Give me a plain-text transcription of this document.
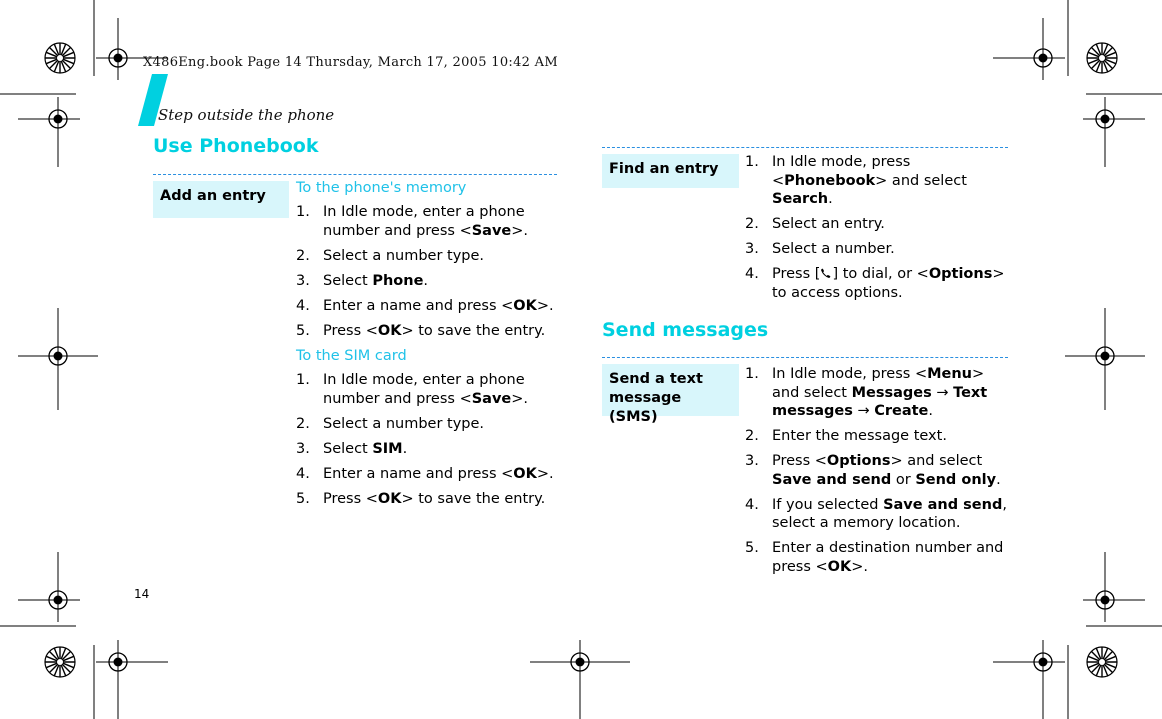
X486Eng.book Page 14 Thursday, March 17, 2005 10:42 AM
Step outside the phone
Use Phonebook
Add an entry	To the phone's memory
1. In Idle mode, enter a phone number and press <Save>.
2. Select a number type.
3. Select Phone.
4. Enter a name and press <OK>.
5. Press <OK> to save the entry.
To the SIM card
1. In Idle mode, enter a phone number and press <Save>.
2. Select a number type.
3. Select SIM.
4. Enter a name and press <OK>.
5. Press <OK> to save the entry.
Find an entry	1. In Idle mode, press <Phonebook> and select Search.
2. Select an entry.
3. Select a number.
4. Press [ ] to dial, or <Options> to access options.
Send messages
Send a text message (SMS)
1. In Idle mode, press <Menu> and select Messages → Text messages → Create.
2. Enter the message text.
3. Press <Options> and select Save and send or Send only.
4. If you selected Save and send, select a memory location.
5. Enter a destination number and press <OK>.
14
